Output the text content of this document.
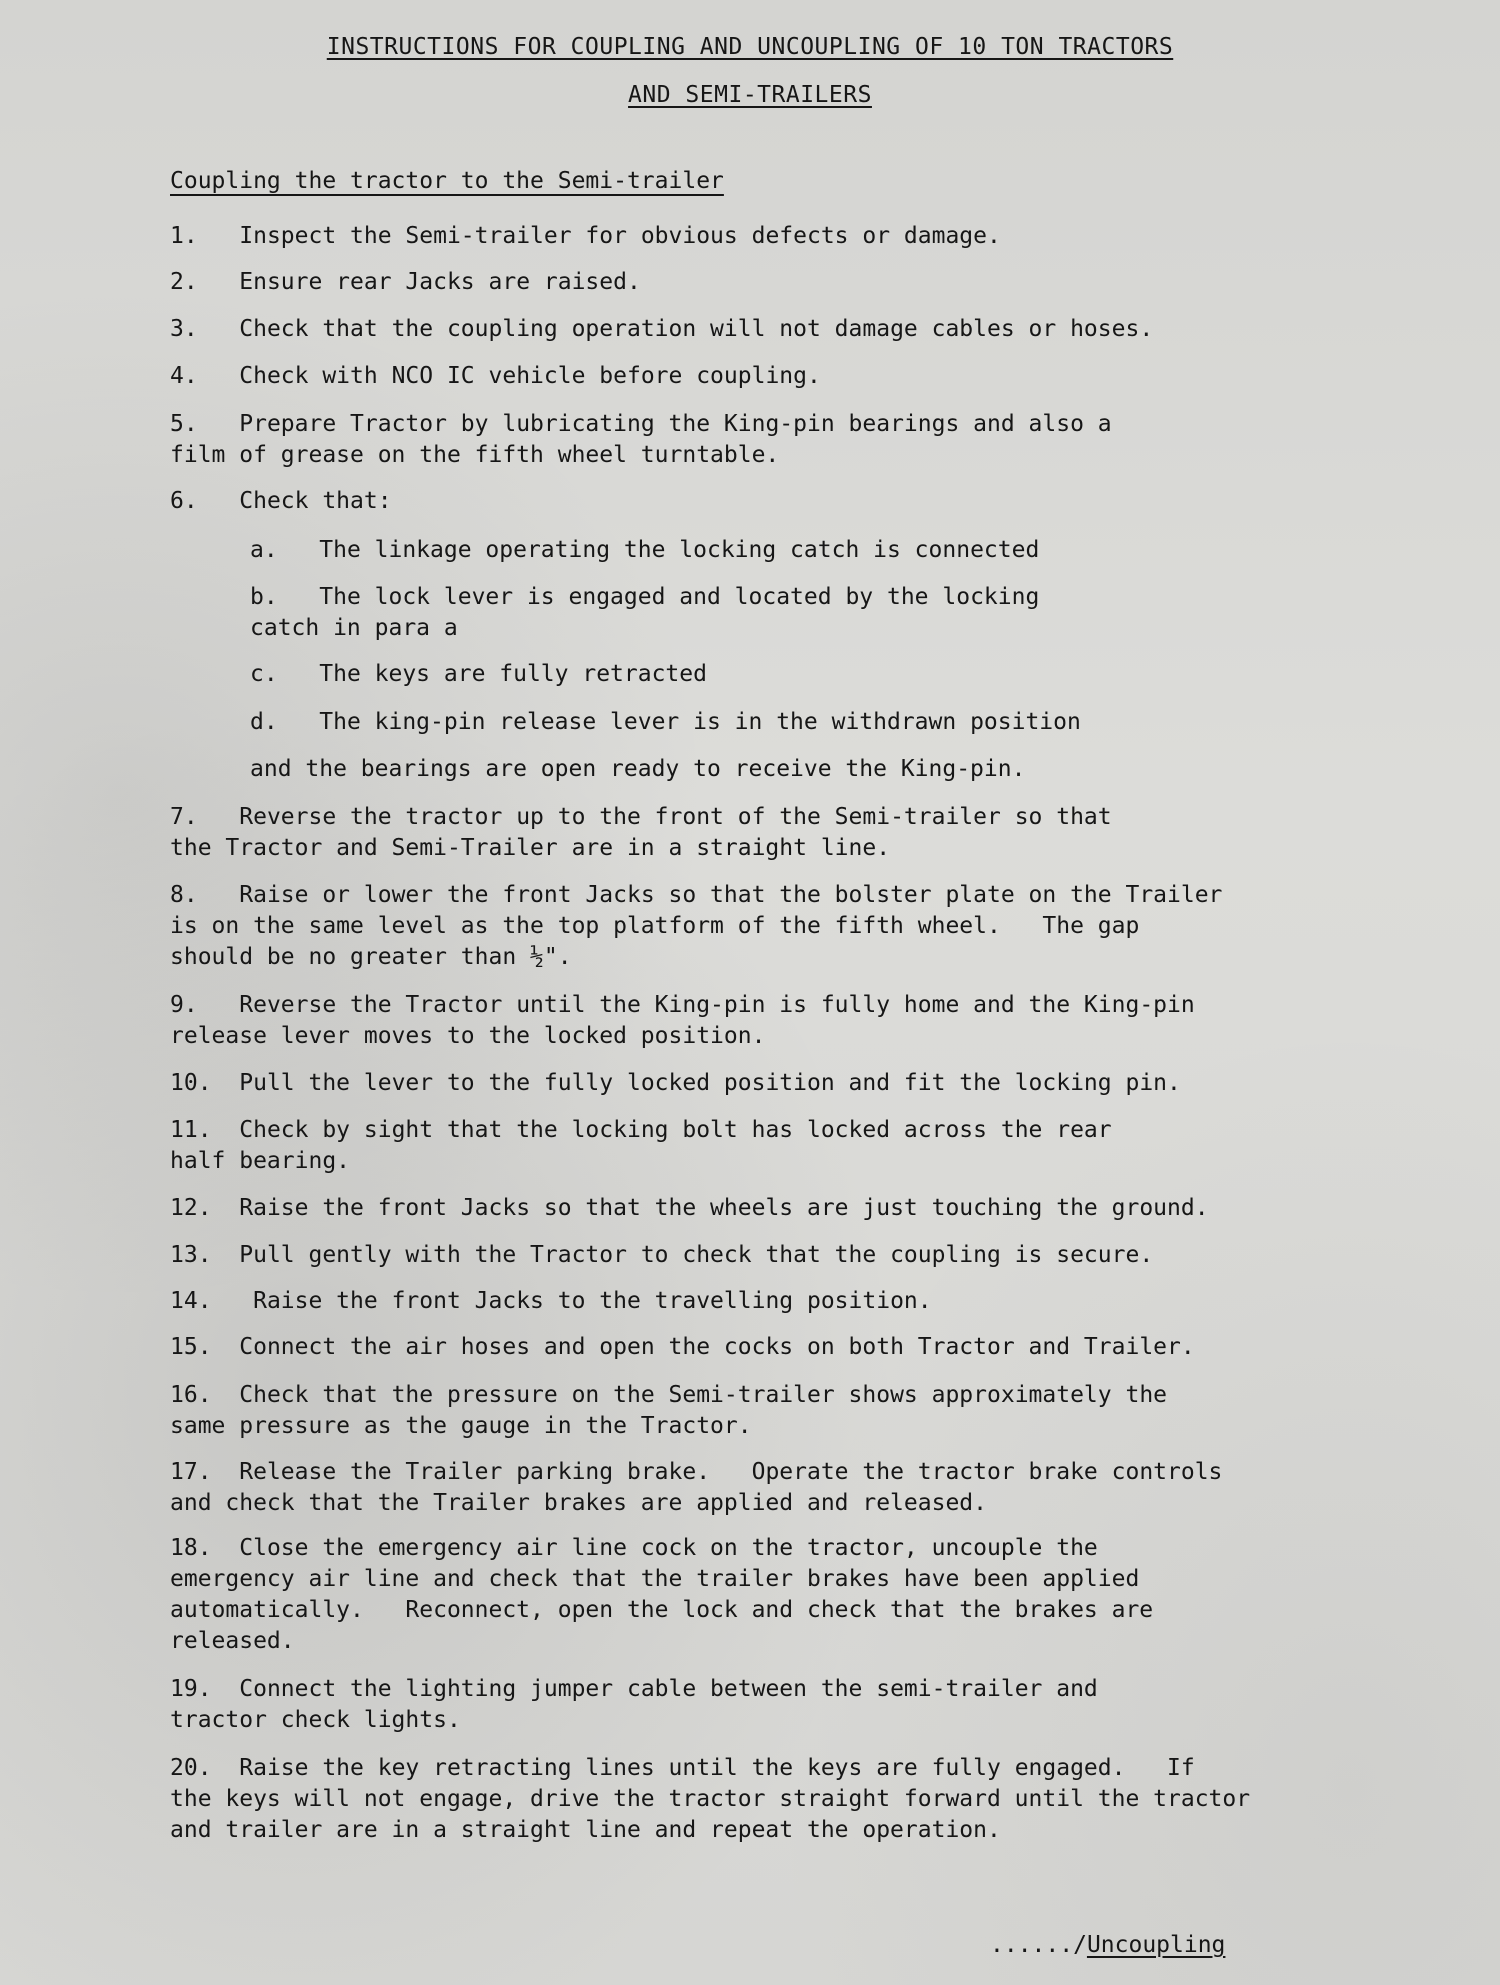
INSTRUCTIONS FOR COUPLING AND UNCOUPLING OF 10 TON TRACTORS
AND SEMI-TRAILERS
Coupling the tractor to the Semi-trailer
1. Inspect the Semi-trailer for obvious defects or damage.
2. Ensure rear Jacks are raised.
3. Check that the coupling operation will not damage cables or hoses.
4. Check with NCO IC vehicle before coupling.
5. Prepare Tractor by lubricating the King-pin bearings and also a
film of grease on the fifth wheel turntable.
6. Check that:
a. The linkage operating the locking catch is connected
b. The lock lever is engaged and located by the locking
catch in para a
c. The keys are fully retracted
d. The king-pin release lever is in the withdrawn position
and the bearings are open ready to receive the King-pin.
7. Reverse the tractor up to the front of the Semi-trailer so that
the Tractor and Semi-Trailer are in a straight line.
8. Raise or lower the front Jacks so that the bolster plate on the Trailer
is on the same level as the top platform of the fifth wheel.   The gap
should be no greater than ½".
9. Reverse the Tractor until the King-pin is fully home and the King-pin
release lever moves to the locked position.
10. Pull the lever to the fully locked position and fit the locking pin.
11. Check by sight that the locking bolt has locked across the rear
half bearing.
12. Raise the front Jacks so that the wheels are just touching the ground.
13. Pull gently with the Tractor to check that the coupling is secure.
14. Raise the front Jacks to the travelling position.
15. Connect the air hoses and open the cocks on both Tractor and Trailer.
16. Check that the pressure on the Semi-trailer shows approximately the
same pressure as the gauge in the Tractor.
17. Release the Trailer parking brake.   Operate the tractor brake controls
and check that the Trailer brakes are applied and released.
18. Close the emergency air line cock on the tractor, uncouple the
emergency air line and check that the trailer brakes have been applied
automatically.   Reconnect, open the lock and check that the brakes are
released.
19. Connect the lighting jumper cable between the semi-trailer and
tractor check lights.
20. Raise the key retracting lines until the keys are fully engaged.   If
the keys will not engage, drive the tractor straight forward until the tractor
and trailer are in a straight line and repeat the operation.
....../Uncoupling
